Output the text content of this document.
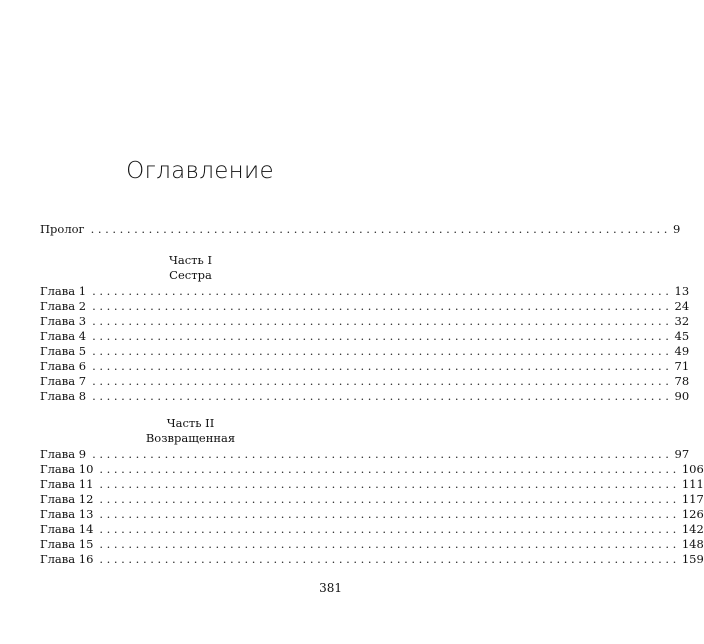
Оглавление
Пролог ................................................................................ 9
Часть I
Сестра
Глава 1 ................................................................................ 13
Глава 2 ................................................................................ 24
Глава 3 ................................................................................ 32
Глава 4 ................................................................................ 45
Глава 5 ................................................................................ 49
Глава 6 ................................................................................ 71
Глава 7 ................................................................................ 78
Глава 8 ................................................................................ 90
Часть II
Возвращенная
Глава 9 ................................................................................ 97
Глава 10 ................................................................................ 106
Глава 11 ................................................................................ 111
Глава 12 ................................................................................ 117
Глава 13 ................................................................................ 126
Глава 14 ................................................................................ 142
Глава 15 ................................................................................ 148
Глава 16 ................................................................................ 159
381
